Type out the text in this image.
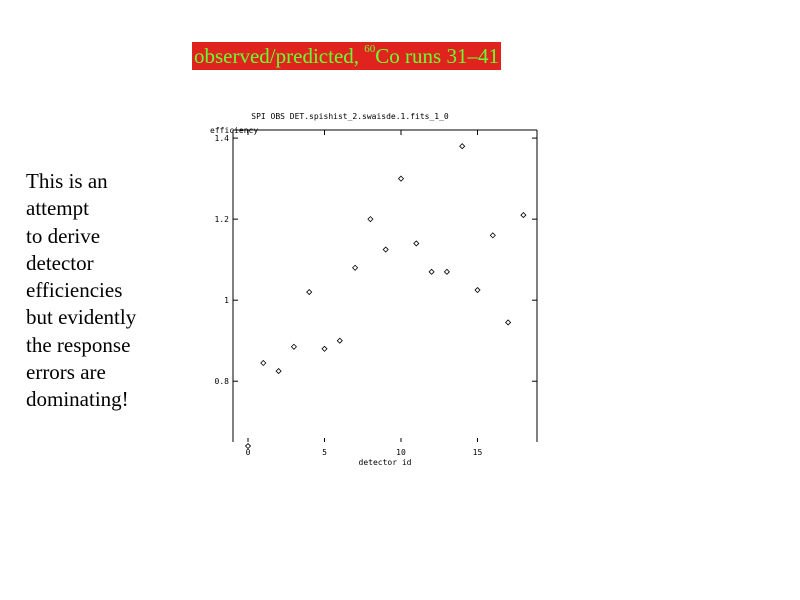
observed/predicted, $^{60}$Co runs 31–41
This is an
attempt
to derive
detector
efficiencies
but evidently
the response
errors are
dominating!
SPI OBS DET.spishist_2.swaisde.1.fits_1_0
efficiency
detector id
0.8
1
1.2
1.4
0	5	10	15
